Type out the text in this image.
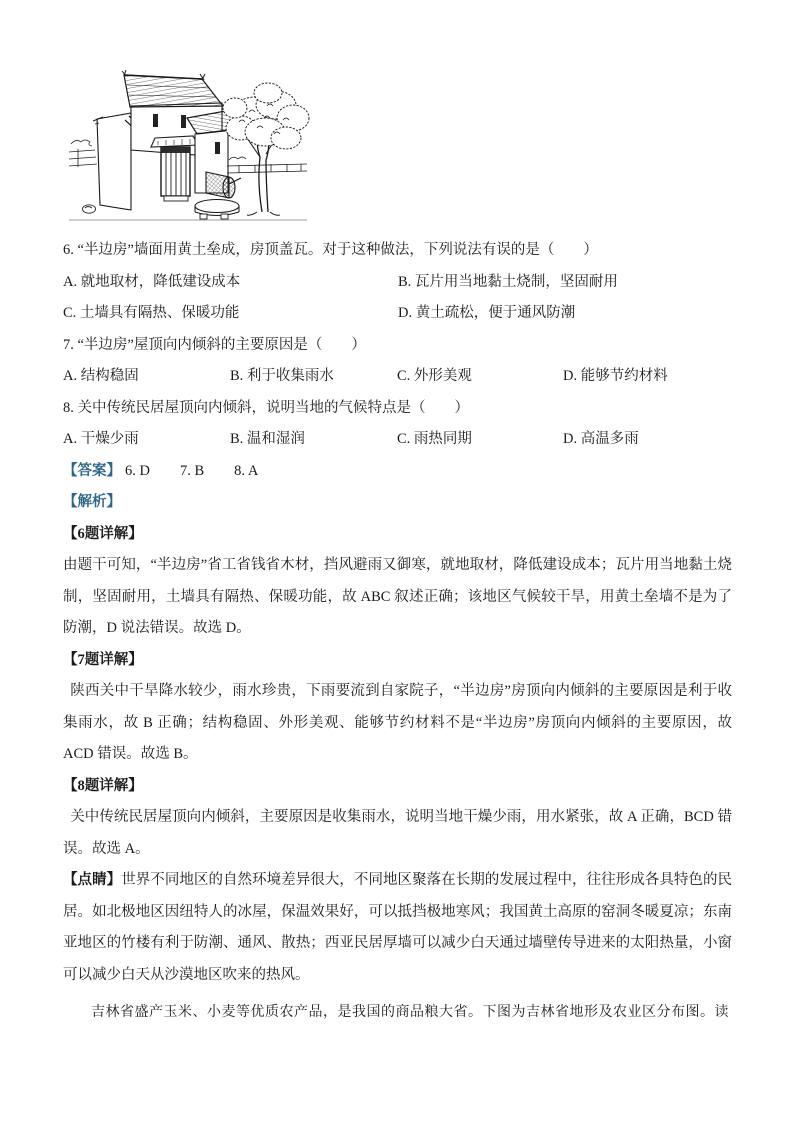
6. “半边房”墙面用黄土垒成，房顶盖瓦。对于这种做法，下列说法有误的是（　　）

A. 就地取材，降低建设成本	B. 瓦片用当地黏土烧制，坚固耐用
C. 土墙具有隔热、保暖功能	D. 黄土疏松，便于通风防潮

7. “半边房”屋顶向内倾斜的主要原因是（　　）

A. 结构稳固	B. 利于收集雨水	C. 外形美观	D. 能够节约材料

8. 关中传统民居屋顶向内倾斜，说明当地的气候特点是（　　）

A. 干燥少雨	B. 温和湿润	C. 雨热同期	D. 高温多雨

【答案】 6. D 7. B 8. A

【解析】

【6题详解】

由题干可知，“半边房”省工省钱省木材，挡风避雨又御寒，就地取材，降低建设成本；瓦片用当地黏土烧制，坚固耐用，土墙具有隔热、保暖功能，故 ABC 叙述正确；该地区气候较干旱，用黄土垒墙不是为了防潮，D 说法错误。故选 D。

【7题详解】

陕西关中干旱降水较少，雨水珍贵，下雨要流到自家院子，“半边房”房顶向内倾斜的主要原因是利于收集雨水，故 B 正确；结构稳固、外形美观、能够节约材料不是“半边房”房顶向内倾斜的主要原因，故 ACD 错误。故选 B。

【8题详解】

关中传统民居屋顶向内倾斜，主要原因是收集雨水，说明当地干燥少雨，用水紧张，故 A 正确，BCD 错误。故选 A。

【点睛】世界不同地区的自然环境差异很大，不同地区聚落在长期的发展过程中，往往形成各具特色的民居。如北极地区因纽特人的冰屋，保温效果好，可以抵挡极地寒风；我国黄土高原的窑洞冬暖夏凉；东南亚地区的竹楼有利于防潮、通风、散热；西亚民居厚墙可以减少白天通过墙壁传导进来的太阳热量，小窗可以减少白天从沙漠地区吹来的热风。

吉林省盛产玉米、小麦等优质农产品，是我国的商品粮大省。下图为吉林省地形及农业区分布图。读
